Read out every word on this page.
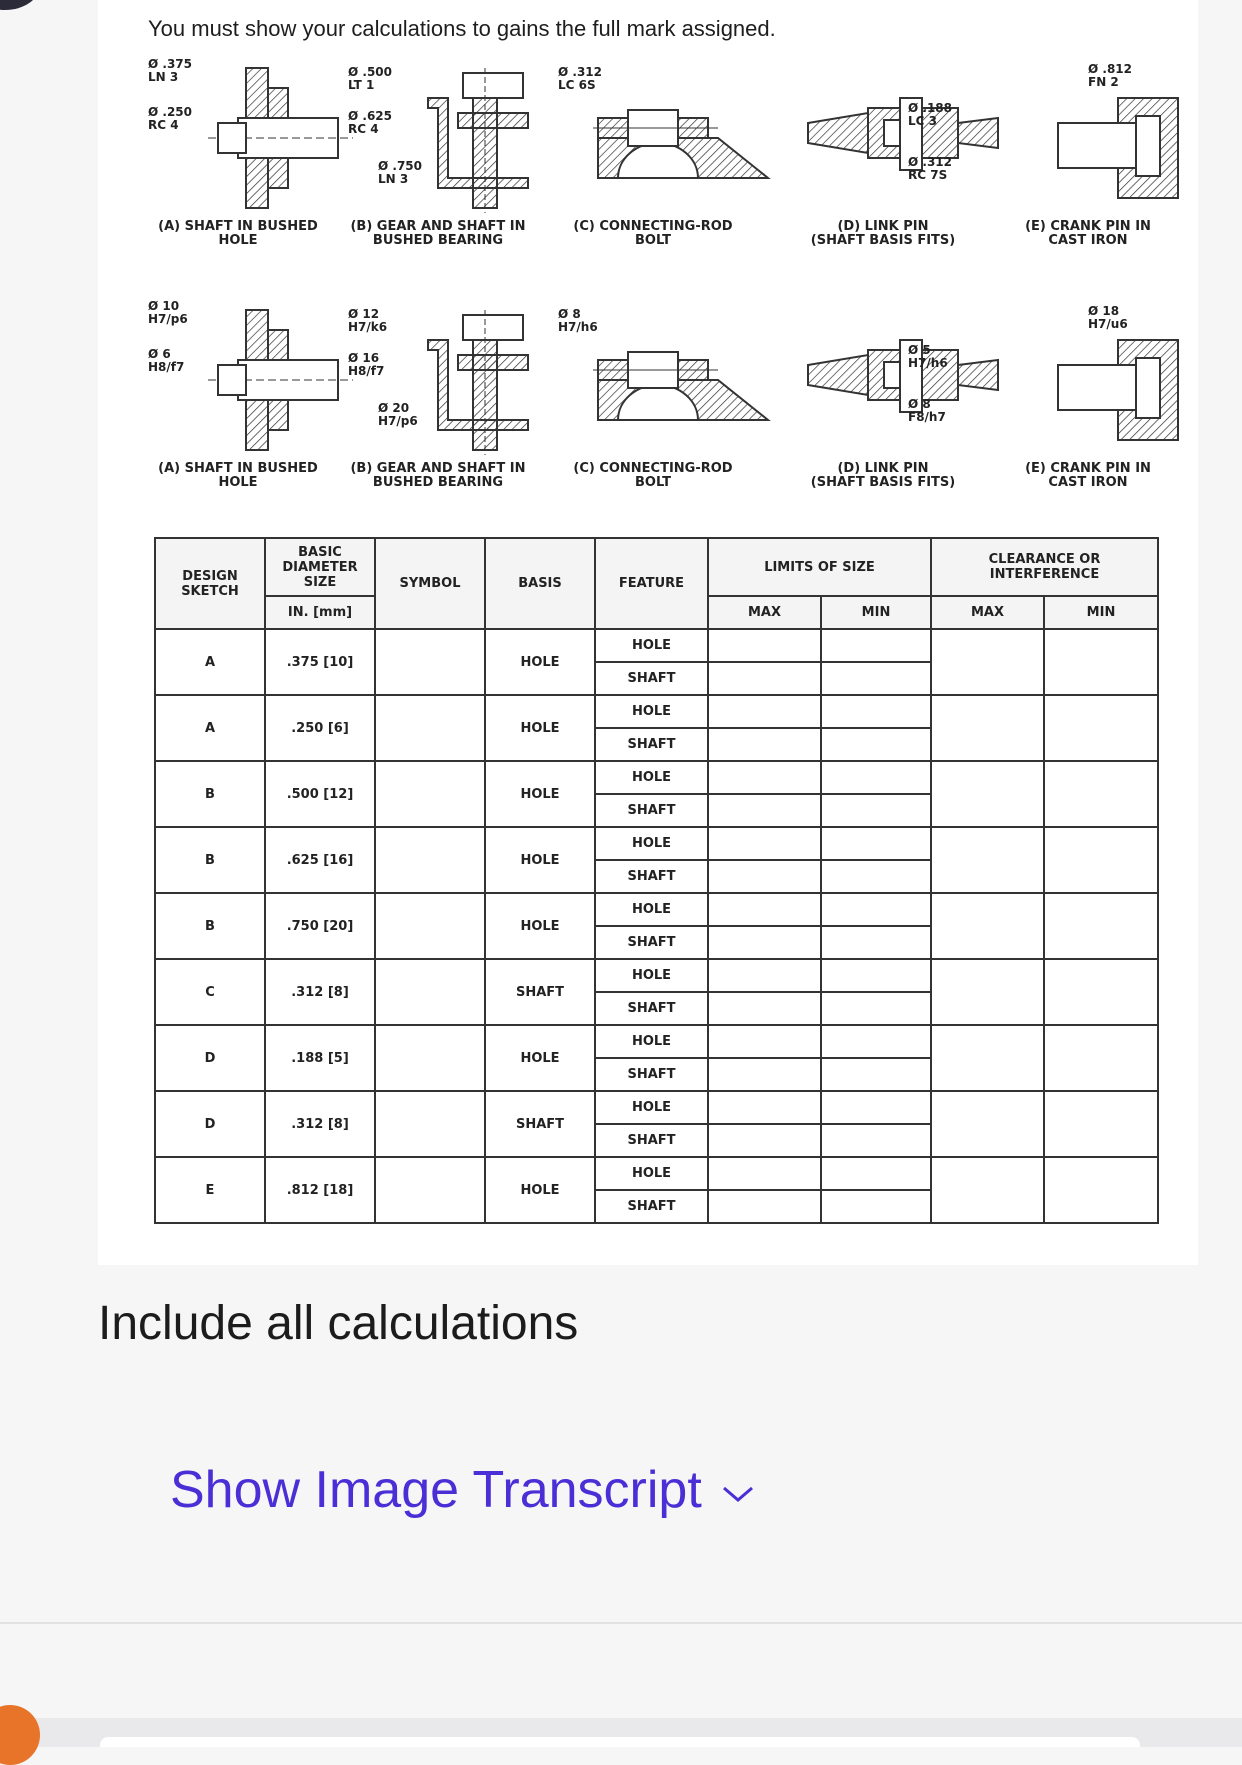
You must show your calculations to gains the full mark assigned.
Ø .375
LN 3
Ø .250
RC 4
(A) SHAFT IN BUSHED
HOLE
Ø .500
LT 1
Ø .625
RC 4
Ø .750
LN 3
(B) GEAR AND SHAFT IN
BUSHED BEARING
Ø .312
LC 6S
(C) CONNECTING-ROD
BOLT
Ø .188
LC 3
Ø .312
RC 7S
(D) LINK PIN
(SHAFT BASIS FITS)
Ø .812
FN 2
(E) CRANK PIN IN
CAST IRON
Ø 10
H7/p6
Ø 6
H8/f7
(A) SHAFT IN BUSHED
HOLE
Ø 12
H7/k6
Ø 16
H8/f7
Ø 20
H7/p6
(B) GEAR AND SHAFT IN
BUSHED BEARING
Ø 8
H7/h6
(C) CONNECTING-ROD
BOLT
Ø 5
H7/h6
Ø 8
F8/h7
(D) LINK PIN
(SHAFT BASIS FITS)
Ø 18
H7/u6
(E) CRANK PIN IN
CAST IRON
DESIGN
SKETCH	BASIC
DIAMETER
SIZE	SYMBOL	BASIS	FEATURE	LIMITS OF SIZE		CLEARANCE OR
INTERFERENCE	

	IN. [mm]				MAX	MIN	MAX	MIN
A	.375 [10]		HOLE	HOLE				
				SHAFT				
A	.250 [6]		HOLE	HOLE				
				SHAFT				
B	.500 [12]		HOLE	HOLE				
				SHAFT				
B	.625 [16]		HOLE	HOLE				
				SHAFT				
B	.750 [20]		HOLE	HOLE				
				SHAFT				
C	.312 [8]		SHAFT	HOLE				
				SHAFT				
D	.188 [5]		HOLE	HOLE				
				SHAFT				
D	.312 [8]		SHAFT	HOLE				
				SHAFT				
E	.812 [18]		HOLE	HOLE				
				SHAFT				
Include all calculations
Show Image Transcript
